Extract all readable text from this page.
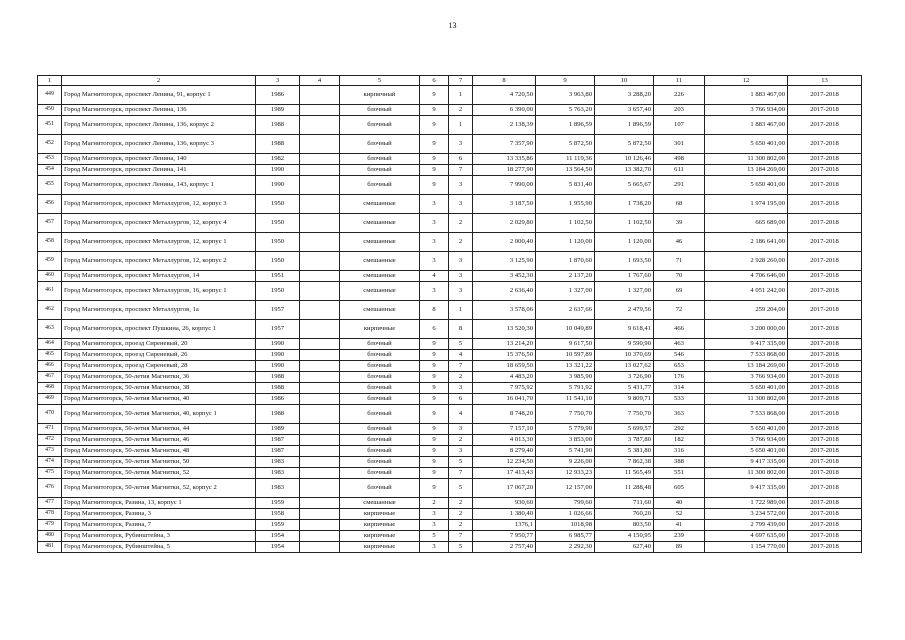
13
1	2	3	4	5	6	7	8	9	10	11	12	13
449	Город Магнитогорск, проспект Ленина, 91, корпус 1	1986		кирпичный	9	1	4 720,50	3 963,80	3 288,20	226	1 883 467,00	2017-2018
450	Город Магнитогорск, проспект Ленина, 136	1989		блочный	9	2	6 390,00	5 763,20	3 657,40	203	3 766 934,00	2017-2018
451	Город Магнитогорск, проспект Ленина, 136, корпус 2	1988		блочный	9	1	2 138,39	1 896,59	1 896,59	107	1 883 467,00	2017-2018
452	Город Магнитогорск, проспект Ленина, 136, корпус 3	1988		блочный	9	3	7 357,90	5 872,50	5 872,50	301	5 650 401,00	2017-2018
453	Город Магнитогорск, проспект Ленина, 140	1982		блочный	9	6	13 335,86	11 119,36	10 126,46	498	11 300 802,00	2017-2018
454	Город Магнитогорск, проспект Ленина, 141	1990		блочный	9	7	18 277,90	13 564,50	13 382,70	611	13 184 269,00	2017-2018
455	Город Магнитогорск, проспект Ленина, 143, корпус 1	1990		блочный	9	3	7 990,00	5 831,40	5 665,67	291	5 650 401,00	2017-2018
456	Город Магнитогорск, проспект Металлургов, 12, корпус 3	1950		смешанные	3	3	3 187,50	1 955,90	1 738,20	68	1 974 195,00	2017-2018
457	Город Магнитогорск, проспект Металлургов, 12, корпус 4	1950		смешанные	3	2	2 029,80	1 102,50	1 102,50	39	665 689,00	2017-2018
458	Город Магнитогорск, проспект Металлургов, 12, корпус 1	1950		смешанные	3	2	2 000,40	1 120,00	1 120,00	46	2 186 641,00	2017-2018
459	Город Магнитогорск, проспект Металлургов, 12, корпус 2	1950		смешанные	3	3	3 125,90	1 870,60	1 693,50	71	2 928 260,00	2017-2018
460	Город Магнитогорск, проспект Металлургов, 14	1951		смешанные	4	3	3 452,30	2 137,20	1 767,60	70	4 706 646,00	2017-2018
461	Город Магнитогорск, проспект Металлургов, 16, корпус 1	1950		смешанные	3	3	2 636,40	1 327,00	1 327,00	69	4 051 242,00	2017-2018
462	Город Магнитогорск, проспект Металлургов, 1а	1957		смешанные	8	1	3 578,06	2 637,66	2 479,56	72	259 204,00	2017-2018
463	Город Магнитогорск, проспект Пушкина, 26, корпус 1	1957		кирпичные	6	8	13 520,30	10 049,89	9 618,41	466	3 200 000,00	2017-2018
464	Город Магнитогорск, проезд Сиреневый, 20	1990		блочный	9	5	13 214,20	9 617,50	9 590,90	463	9 417 335,00	2017-2018
465	Город Магнитогорск, проезд Сиреневый, 26	1990		блочный	9	4	15 376,50	10 597,89	10 370,69	546	7 533 868,00	2017-2018
466	Город Магнитогорск, проезд Сиреневый, 28	1990		блочный	9	7	18 659,50	13 321,22	13 027,62	653	13 184 269,00	2017-2018
467	Город Магнитогорск, 50-летия Магнитки, 36	1988		блочный	9	2	4 483,20	3 985,90	3 726,90	176	3 766 934,00	2017-2018
468	Город Магнитогорск, 50-летия Магнитки, 38	1988		блочный	9	3	7 975,92	5 791,92	5 431,77	314	5 650 401,00	2017-2018
469	Город Магнитогорск, 50-летия Магнитки, 40	1986		блочный	9	6	16 041,70	11 541,10	9 809,71	533	11 300 802,00	2017-2018
470	Город Магнитогорск, 50-летия Магнитки, 40, корпус 1	1988		блочный	9	4	8 748,20	7 750,70	7 750,70	363	7 533 868,00	2017-2018
471	Город Магнитогорск, 50-летия Магнитки, 44	1989		блочный	9	3	7 157,10	5 779,90	5 699,57	292	5 650 401,00	2017-2018
472	Город Магнитогорск, 50-летия Магнитки, 46	1987		блочный	9	2	4 013,30	3 853,00	3 787,80	182	3 766 934,00	2017-2018
473	Город Магнитогорск, 50-летия Магнитки, 48	1987		блочный	9	3	8 279,40	5 741,90	5 381,80	316	5 650 401,00	2017-2018
474	Город Магнитогорск, 50-летия Магнитки, 50	1983		блочный	9	5	12 234,50	9 226,00	7 862,38	388	9 417 335,00	2017-2018
475	Город Магнитогорск, 50-летия Магнитки, 52	1983		блочный	9	7	17 413,43	12 933,23	11 565,49	551	11 300 802,00	2017-2018
476	Город Магнитогорск, 50-летия Магнитки, 52, корпус 2	1983		блочный	9	5	17 067,20	12 157,00	11 288,48	605	9 417 335,00	2017-2018
477	Город Магнитогорск, Разина, 13, корпус 1	1959		смешанные	2	2	930,60	799,60	711,60	40	1 722 989,00	2017-2018
478	Город Магнитогорск, Разина, 3	1958		кирпичные	3	2	1 380,40	1 026,66	760,20	52	3 234 572,00	2017-2018
479	Город Магнитогорск, Разина, 7	1959		кирпичные	3	2	1376,1	1018,98	803,50	41	2 799 439,00	2017-2018
480	Город Магнитогорск, Рубинштейна, 3	1954		кирпичные	5	7	7 950,77	6 985,77	4 150,95	239	4 697 635,00	2017-2018
481	Город Магнитогорск, Рубинштейна, 5	1954		кирпичные	3	5	2 757,40	2 292,30	627,40	89	1 154 770,00	2017-2018
